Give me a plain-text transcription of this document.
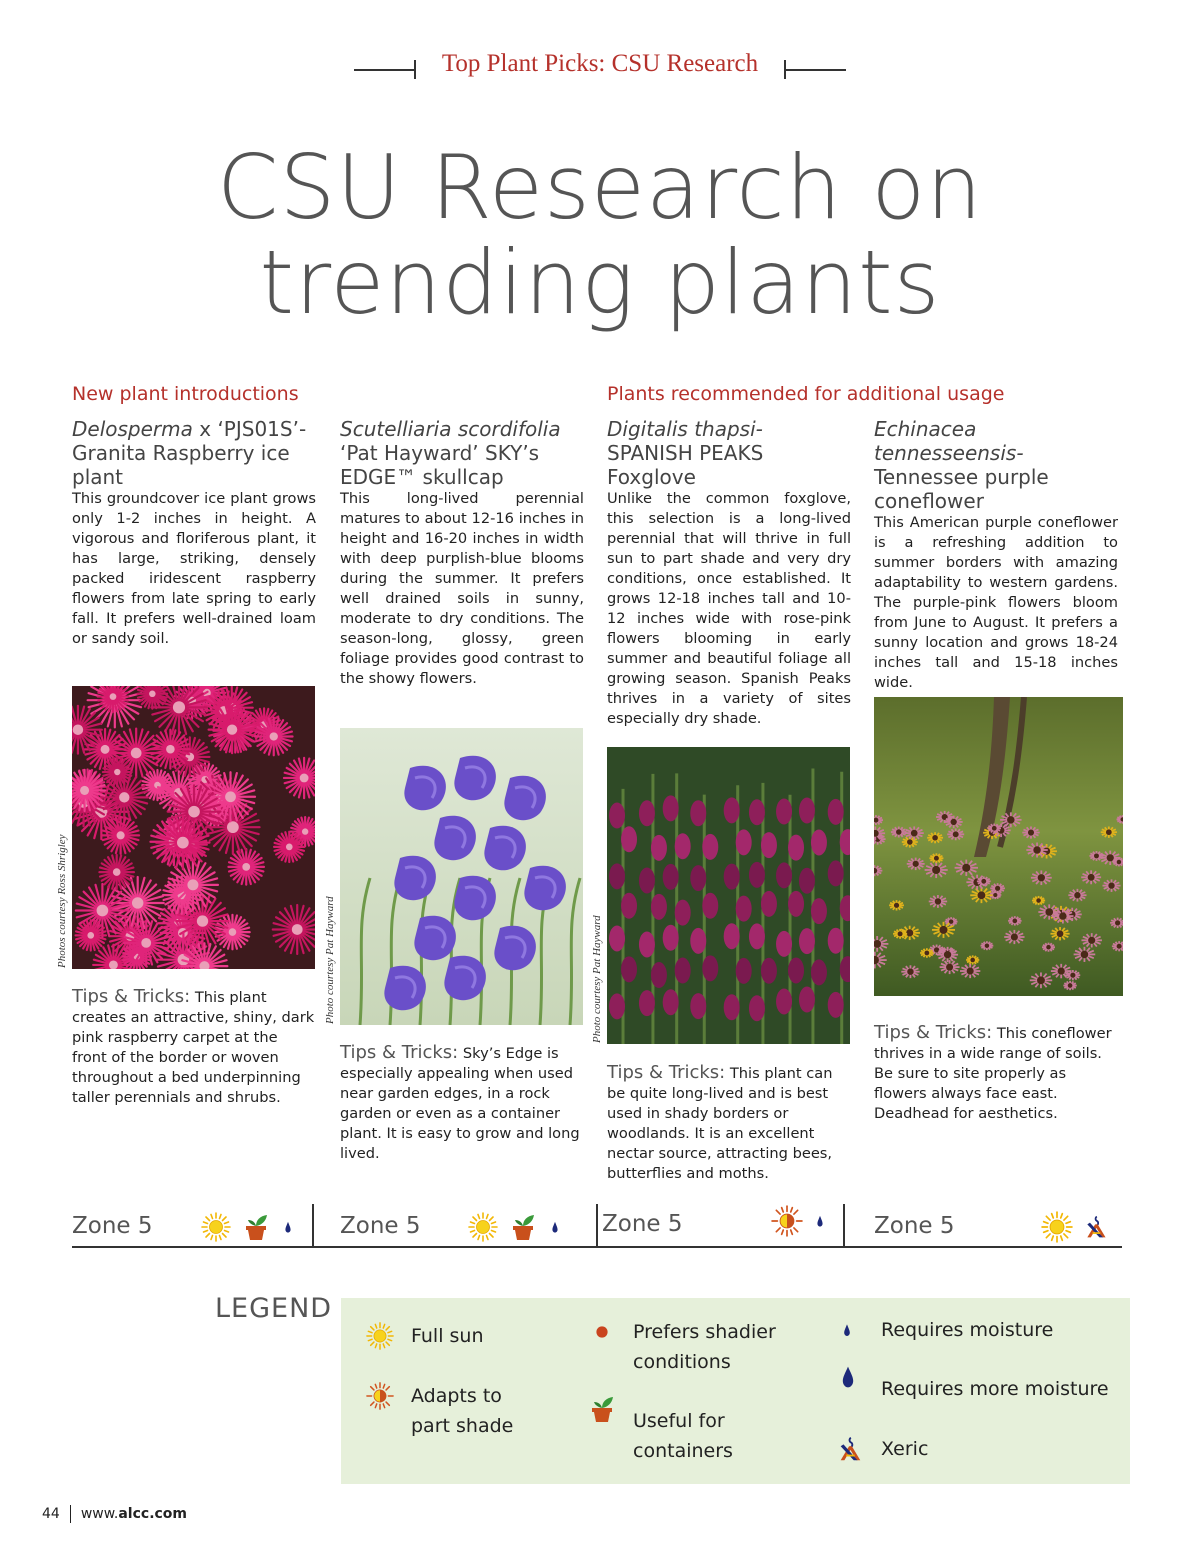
Top Plant Picks: CSU Research
CSU Research on
trending plants
New plant introductions	Plants recommended for additional usage

Delosperma x ‘PJS01S’- Granita Raspberry ice plant

This groundcover ice plant grows only 1-2 inches in height. A vigorous and floriferous plant, it has large, striking, densely packed iridescent raspberry flowers from late spring to early fall. It prefers well-drained loam or sandy soil.

Photos courtesy Ross Shrigley
Tips & Tricks: This plant creates an attractive, shiny, dark pink raspberry carpet at the front of the border or woven throughout a bed underpinning taller perennials and shrubs.

Scutelliaria scordifolia ‘Pat Hayward’ SKY’s EDGE™ skullcap

This long-lived perennial matures to about 12-16 inches in height and 16-20 inches in width with deep purplish-blue blooms during the summer. It prefers well drained soils in sunny, moderate to dry conditions. The season-long, glossy, green foliage provides good contrast to the showy flowers.

Photo courtesy Pat Hayward
Tips & Tricks: Sky’s Edge is especially appealing when used near garden edges, in a rock garden or even as a container plant. It is easy to grow and long lived.

Digitalis thapsi- SPANISH PEAKS Foxglove

Unlike the common foxglove, this selection is a long-lived perennial that will thrive in full sun to part shade and very dry conditions, once established. It grows 12-18 inches tall and 10-12 inches wide with rose-pink flowers blooming in early summer and beautiful foliage all growing season. Spanish Peaks thrives in a variety of sites especially dry shade.

Photo courtesy Pat Hayward
Tips & Tricks: This plant can be quite long-lived and is best used in shady borders or woodlands. It is an excellent nectar source, attracting bees, butterflies and moths.

Echinacea tennesseensis- Tennessee purple coneflower

This American purple coneflower is a refreshing addition to summer borders with amazing adaptability to western gardens. The purple-pink flowers bloom from June to August. It prefers a sunny location and grows 18-24 inches tall and 15-18 inches wide.

Tips & Tricks: This coneflower thrives in a wide range of soils. Be sure to site properly as flowers always face east. Deadhead for aesthetics.
Zone 5	Zone 5	Zone 5	Zone 5
LEGEND
Full sun
Adapts to part shade
Prefers shadier conditions
Useful for containers
Requires moisture
Requires more moisture
Xeric
44 www.alcc.com
